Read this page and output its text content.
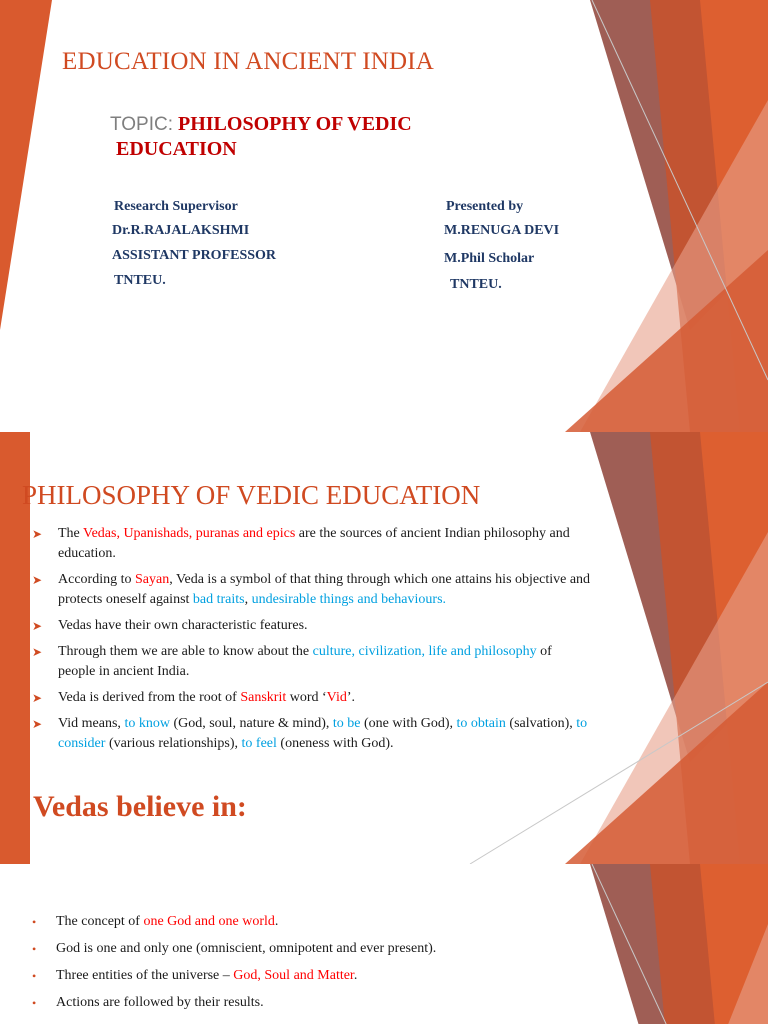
EDUCATION IN ANCIENT INDIA
TOPIC: PHILOSOPHY OF VEDIC
EDUCATION
Research Supervisor
Dr.R.RAJALAKSHMI
ASSISTANT PROFESSOR
TNTEU.
Presented by
M.RENUGA DEVI
M.Phil Scholar
TNTEU.
PHILOSOPHY OF VEDIC EDUCATION
➤ The Vedas, Upanishads, puranas and epics are the sources of ancient Indian philosophy and education.
➤ According to Sayan, Veda is a symbol of that thing through which one attains his objective and protects oneself against bad traits, undesirable things and behaviours.
➤ Vedas have their own characteristic features.
➤ Through them we are able to know about the culture, civilization, life and philosophy of people in ancient India.
➤ Veda is derived from the root of Sanskrit word ‘Vid’.
➤ Vid means, to know (God, soul, nature & mind), to be (one with God), to obtain (salvation), to consider (various relationships), to feel (oneness with God).
Vedas believe in:
• The concept of one God and one world.
• God is one and only one (omniscient, omnipotent and ever present).
• Three entities of the universe – God, Soul and Matter.
• Actions are followed by their results.
